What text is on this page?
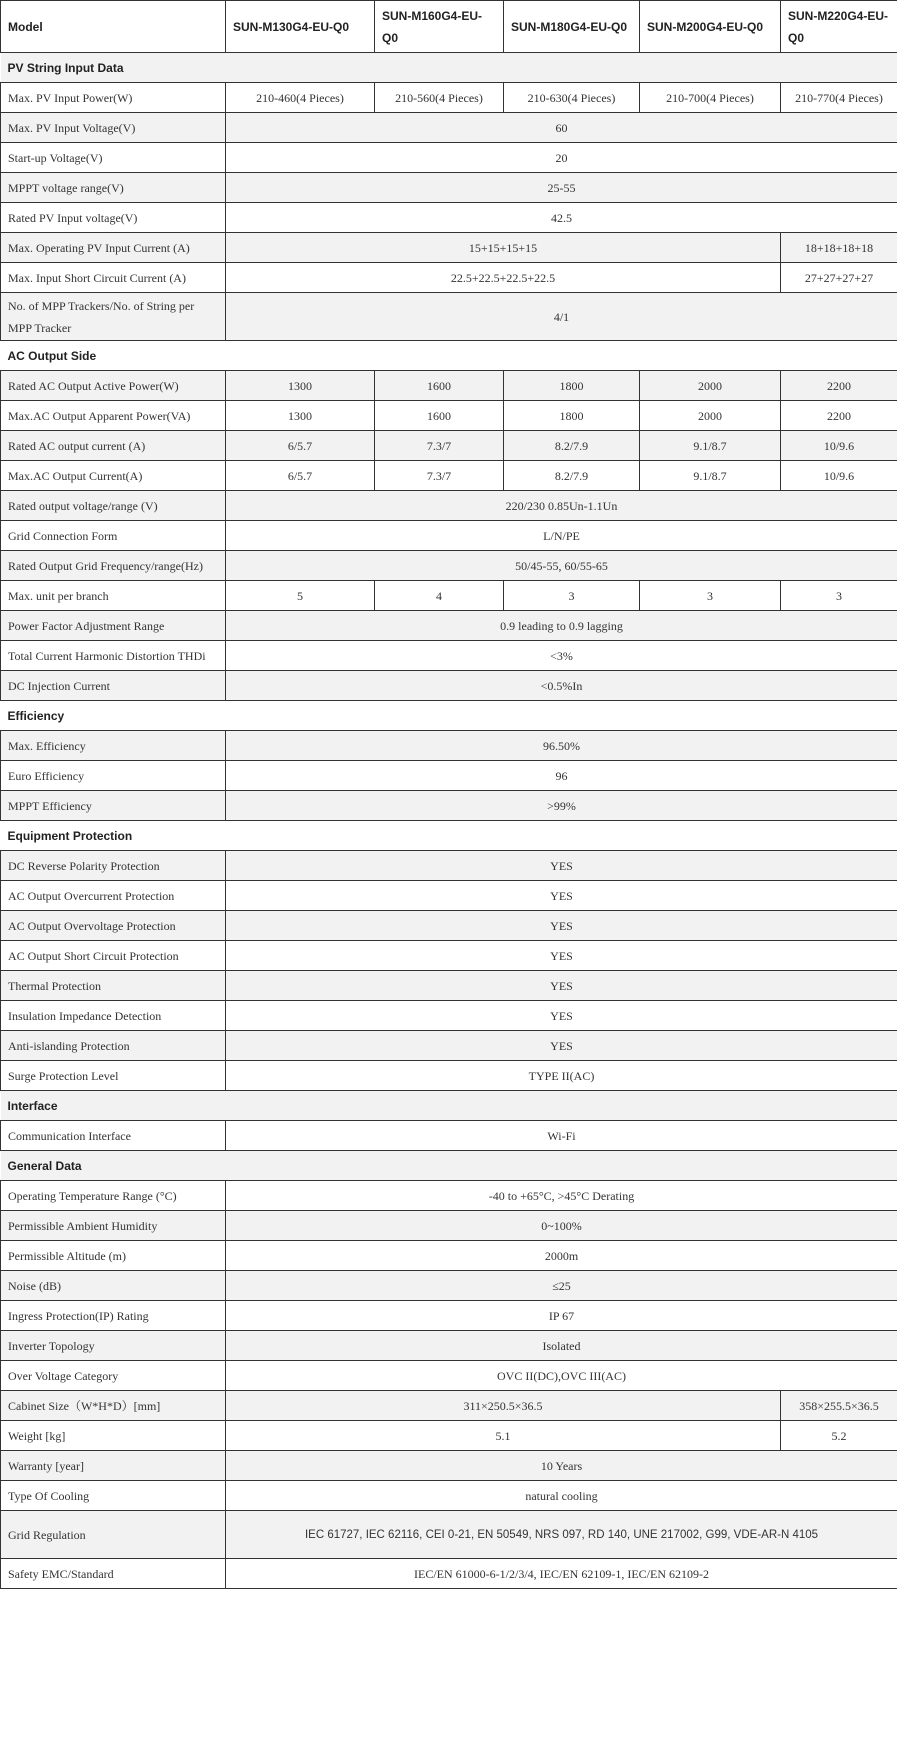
Model	SUN-M130G4-EU-Q0	SUN-M160G4-EU-Q0	SUN-M180G4-EU-Q0	SUN-M200G4-EU-Q0	SUN-M220G4-EU-Q0
PV String Input Data					
Max. PV Input Power(W)	210-460(4 Pieces)	210-560(4 Pieces)	210-630(4 Pieces)	210-700(4 Pieces)	210-770(4 Pieces)
Max. PV Input Voltage(V)	60				
Start-up Voltage(V)	20				
MPPT voltage range(V)	25-55				
Rated PV Input voltage(V)	42.5				
Max. Operating PV Input Current (A)	15+15+15+15				18+18+18+18
Max. Input Short Circuit Current (A)	22.5+22.5+22.5+22.5				27+27+27+27
No. of MPP Trackers/No. of String per MPP Tracker	4/1				
AC Output Side					
Rated AC Output Active Power(W)	1300	1600	1800	2000	2200
Max.AC Output Apparent Power(VA)	1300	1600	1800	2000	2200
Rated AC output current (A)	6/5.7	7.3/7	8.2/7.9	9.1/8.7	10/9.6
Max.AC Output Current(A)	6/5.7	7.3/7	8.2/7.9	9.1/8.7	10/9.6
Rated output voltage/range (V)	220/230 0.85Un-1.1Un				
Grid Connection Form	L/N/PE				
Rated Output Grid Frequency/range(Hz)	50/45-55, 60/55-65				
Max. unit per branch	5	4	3	3	3
Power Factor Adjustment Range	0.9 leading to 0.9 lagging				
Total Current Harmonic Distortion THDi	<3%				
DC Injection Current	<0.5%In				
Efficiency					
Max. Efficiency	96.50%				
Euro Efficiency	96				
MPPT Efficiency	>99%				
Equipment Protection					
DC Reverse Polarity Protection	YES				
AC Output Overcurrent Protection	YES				
AC Output Overvoltage Protection	YES				
AC Output Short Circuit Protection	YES				
Thermal Protection	YES				
Insulation Impedance Detection	YES				
Anti-islanding Protection	YES				
Surge Protection Level	TYPE II(AC)				
Interface					
Communication Interface	Wi-Fi				
General Data					
Operating Temperature Range (°C)	-40 to +65°C, >45°C Derating				
Permissible Ambient Humidity	0~100%				
Permissible Altitude (m)	2000m				
Noise (dB)	≤25				
Ingress Protection(IP) Rating	IP 67				
Inverter Topology	Isolated				
Over Voltage Category	OVC II(DC),OVC III(AC)				
Cabinet Size（W*H*D）[mm]	311×250.5×36.5				358×255.5×36.5
Weight [kg]	5.1				5.2
Warranty [year]	10 Years				
Type Of Cooling	natural cooling				
Grid Regulation	IEC 61727, IEC 62116, CEI 0-21, EN 50549, NRS 097, RD 140, UNE 217002, G99, VDE-AR-N 4105				
Safety EMC/Standard	IEC/EN 61000-6-1/2/3/4, IEC/EN 62109-1, IEC/EN 62109-2				
